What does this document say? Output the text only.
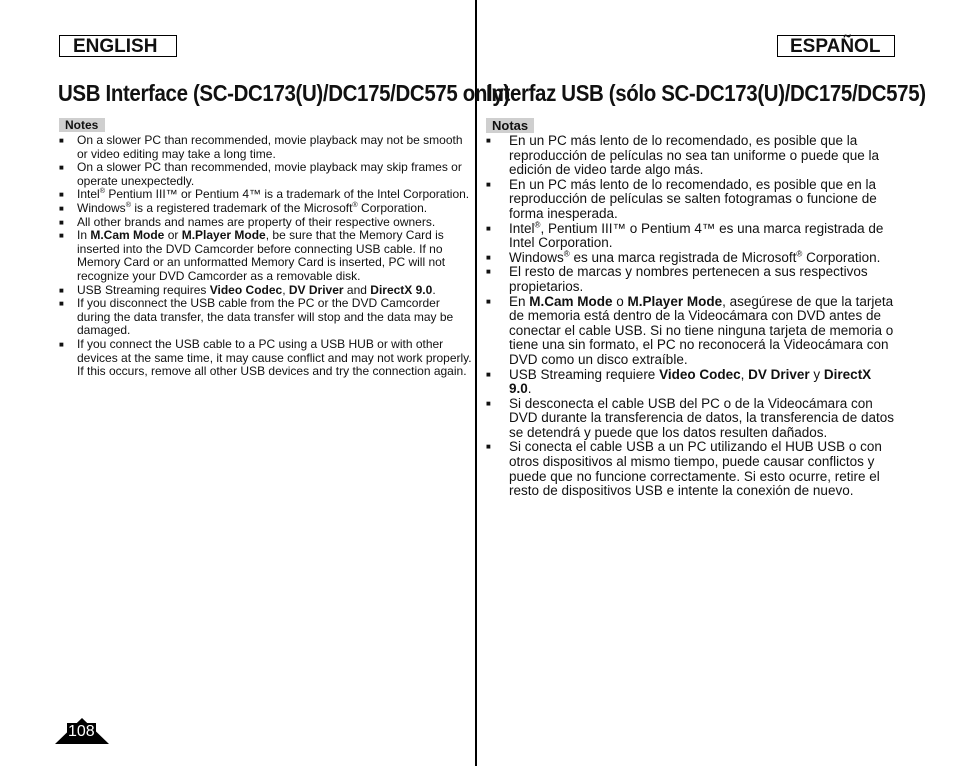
ENGLISH	ESPAÑOL
USB Interface (SC-DC173(U)/DC175/DC575 only)
Interfaz USB (sólo SC-DC173(U)/DC175/DC575)
Notes	Notas
■ On a slower PC than recommended, movie playback may not be smooth or video editing may take a long time.
■ On a slower PC than recommended, movie playback may skip frames or operate unexpectedly.
■ Intel® Pentium III™ or Pentium 4™ is a trademark of the Intel Corporation.
■ Windows® is a registered trademark of the Microsoft® Corporation.
■ All other brands and names are property of their respective owners.
■ In M.Cam Mode or M.Player Mode, be sure that the Memory Card is inserted into the DVD Camcorder before connecting USB cable. If no Memory Card or an unformatted Memory Card is inserted, PC will not recognize your DVD Camcorder as a removable disk.
■ USB Streaming requires Video Codec, DV Driver and DirectX 9.0.
■ If you disconnect the USB cable from the PC or the DVD Camcorder during the data transfer, the data transfer will stop and the data may be damaged.
■ If you connect the USB cable to a PC using a USB HUB or with other devices at the same time, it may cause conflict and may not work properly. If this occurs, remove all other USB devices and try the connection again.
■ En un PC más lento de lo recomendado, es posible que la reproducción de películas no sea tan uniforme o puede que la edición de video tarde algo más.
■ En un PC más lento de lo recomendado, es posible que en la reproducción de películas se salten fotogramas o funcione de forma inesperada.
■ Intel®, Pentium III™ o Pentium 4™ es una marca registrada de Intel Corporation.
■ Windows® es una marca registrada de Microsoft® Corporation.
■ El resto de marcas y nombres pertenecen a sus respectivos propietarios.
■ En M.Cam Mode o M.Player Mode, asegúrese de que la tarjeta de memoria está dentro de la Videocámara con DVD antes de conectar el cable USB. Si no tiene ninguna tarjeta de memoria o tiene una sin formato, el PC no reconocerá la Videocámara con DVD como un disco extraíble.
■ USB Streaming requiere Video Codec, DV Driver y DirectX 9.0.
■ Si desconecta el cable USB del PC o de la Videocámara con DVD durante la transferencia de datos, la transferencia de datos se detendrá y puede que los datos resulten dañados.
■ Si conecta el cable USB a un PC utilizando el HUB USB o con otros dispositivos al mismo tiempo, puede causar conflictos y puede que no funcione correctamente. Si esto ocurre, retire el resto de dispositivos USB e intente la conexión de nuevo.
108
